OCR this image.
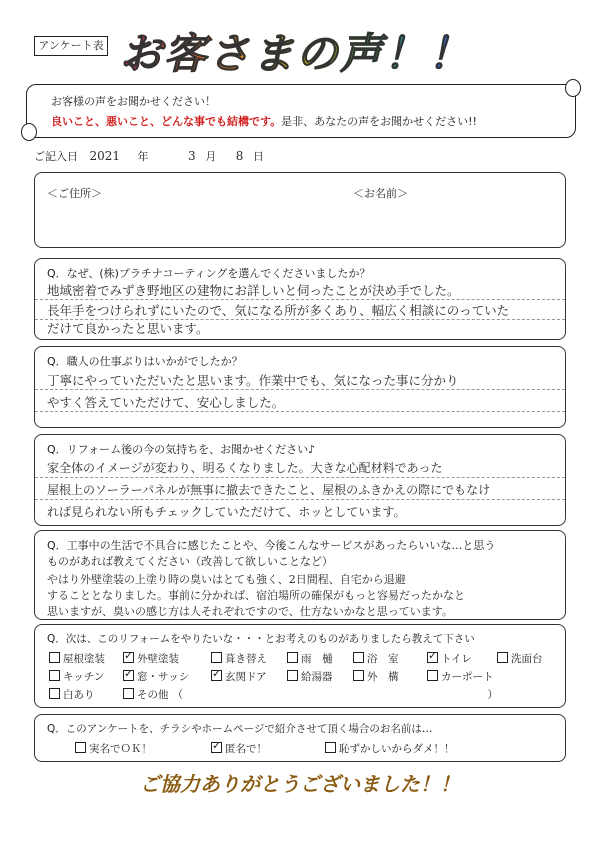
アンケート表 お客さまの声！！
お客様の声をお聞かせください！
良いこと、悪いこと、どんな事でも結構です。是非、あなたの声をお聞かせください!!
ご記入日 2021 年	3 月 8 日
＜ご住所＞	＜お名前＞
Q．なぜ、(株)プラチナコーティングを選んでくださいましたか？
地域密着でみずき野地区の建物にお詳しいと伺ったことが決め手でした。
長年手をつけられずにいたので、気になる所が多くあり、幅広く相談にのっていた
だけて良かったと思います。
Q．職人の仕事ぶりはいかがでしたか？
丁寧にやっていただいたと思います。作業中でも、気になった事に分かり
やすく答えていただけて、安心しました。
Q．リフォーム後の今の気持ちを、お聞かせください♪
家全体のイメージが変わり、明るくなりました。大きな心配材料であった
屋根上のソーラーパネルが無事に撤去できたこと、屋根のふきかえの際にでもなけ
れば見られない所もチェックしていただけて、ホッとしています。
Q．工事中の生活で不具合に感じたことや、今後こんなサービスがあったらいいな…と思う
ものがあれば教えてください（改善して欲しいことなど）
やはり外壁塗装の上塗り時の臭いはとても強く、2日間程、自宅から退避
することとなりました。事前に分かれば、宿泊場所の確保がもっと容易だったかなと
思いますが、臭いの感じ方は人それぞれですので、仕方ないかなと思っています。
Q．次は、このリフォームをやりたいな・・・とお考えのものがありましたら教えて下さい
屋根塗装 ✓	外壁塗装	葺き替え	雨　樋	浴　室 ✓	トイレ	洗面台
キッチン ✓	窓・サッシ ✓	玄関ドア	給湯器	外　構	カーポート
白あり	その他 （　　　　　　　　　　　　　　　　　　　　　　　　　　　　　）
Q．このアンケートを、チラシやホームページで紹介させて頂く場合のお名前は…
実名でＯＫ！ ✓	匿名で！	恥ずかしいからダメ！！
ご協力ありがとうございました！！
